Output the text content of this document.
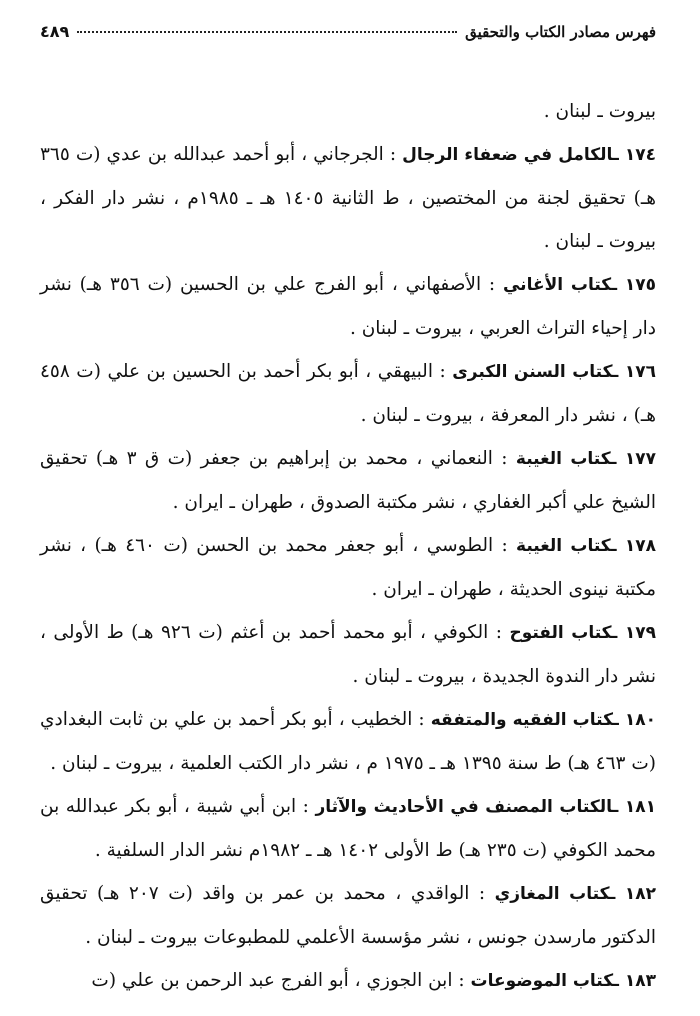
فهرس مصادر الكتاب والتحقيق
٤٨٩

بيروت ـ لبنان .

١٧٤ ـالكامل في ضعفاء الرجال : الجرجاني ، أبو أحمد عبدالله بن عدي (ت ٣٦٥ هـ) تحقيق لجنة من المختصين ، ط الثانية ١٤٠٥ هـ ـ ١٩٨٥م ، نشر دار الفكر ، بيروت ـ لبنان .

١٧٥ ـكتاب الأغاني : الأصفهاني ، أبو الفرج علي بن الحسين (ت ٣٥٦ هـ) نشر دار إحياء التراث العربي ، بيروت ـ لبنان .

١٧٦ ـكتاب السنن الكبرى : البيهقي ، أبو بكر أحمد بن الحسين بن علي (ت ٤٥٨ هـ) ، نشر دار المعرفة ، بيروت ـ لبنان .

١٧٧ ـكتاب الغيبة : النعماني ، محمد بن إبراهيم بن جعفر (ت ق ٣ هـ) تحقيق الشيخ علي أكبر الغفاري ، نشر مكتبة الصدوق ، طهران ـ ايران .

١٧٨ ـكتاب الغيبة : الطوسي ، أبو جعفر محمد بن الحسن (ت ٤٦٠ هـ) ، نشر مكتبة نينوى الحديثة ، طهران ـ ايران .

١٧٩ ـكتاب الفتوح : الكوفي ، أبو محمد أحمد بن أعثم (ت ٩٢٦ هـ) ط الأولى ، نشر دار الندوة الجديدة ، بيروت ـ لبنان .

١٨٠ ـكتاب الفقيه والمتفقه : الخطيب ، أبو بكر أحمد بن علي بن ثابت البغدادي (ت ٤٦٣ هـ) ط سنة ١٣٩٥ هـ ـ ١٩٧٥ م ، نشر دار الكتب العلمية ، بيروت ـ لبنان .

١٨١ ـالكتاب المصنف في الأحاديث والآثار : ابن أبي شيبة ، أبو بكر عبدالله بن محمد الكوفي (ت ٢٣٥ هـ) ط الأولى ١٤٠٢ هـ ـ ١٩٨٢م نشر الدار السلفية .

١٨٢ ـكتاب المغازي : الواقدي ، محمد بن عمر بن واقد (ت ٢٠٧ هـ) تحقيق الدكتور مارسدن جونس ، نشر مؤسسة الأعلمي للمطبوعات بيروت ـ لبنان .

١٨٣ ـكتاب الموضوعات : ابن الجوزي ، أبو الفرج عبد الرحمن بن علي (ت
